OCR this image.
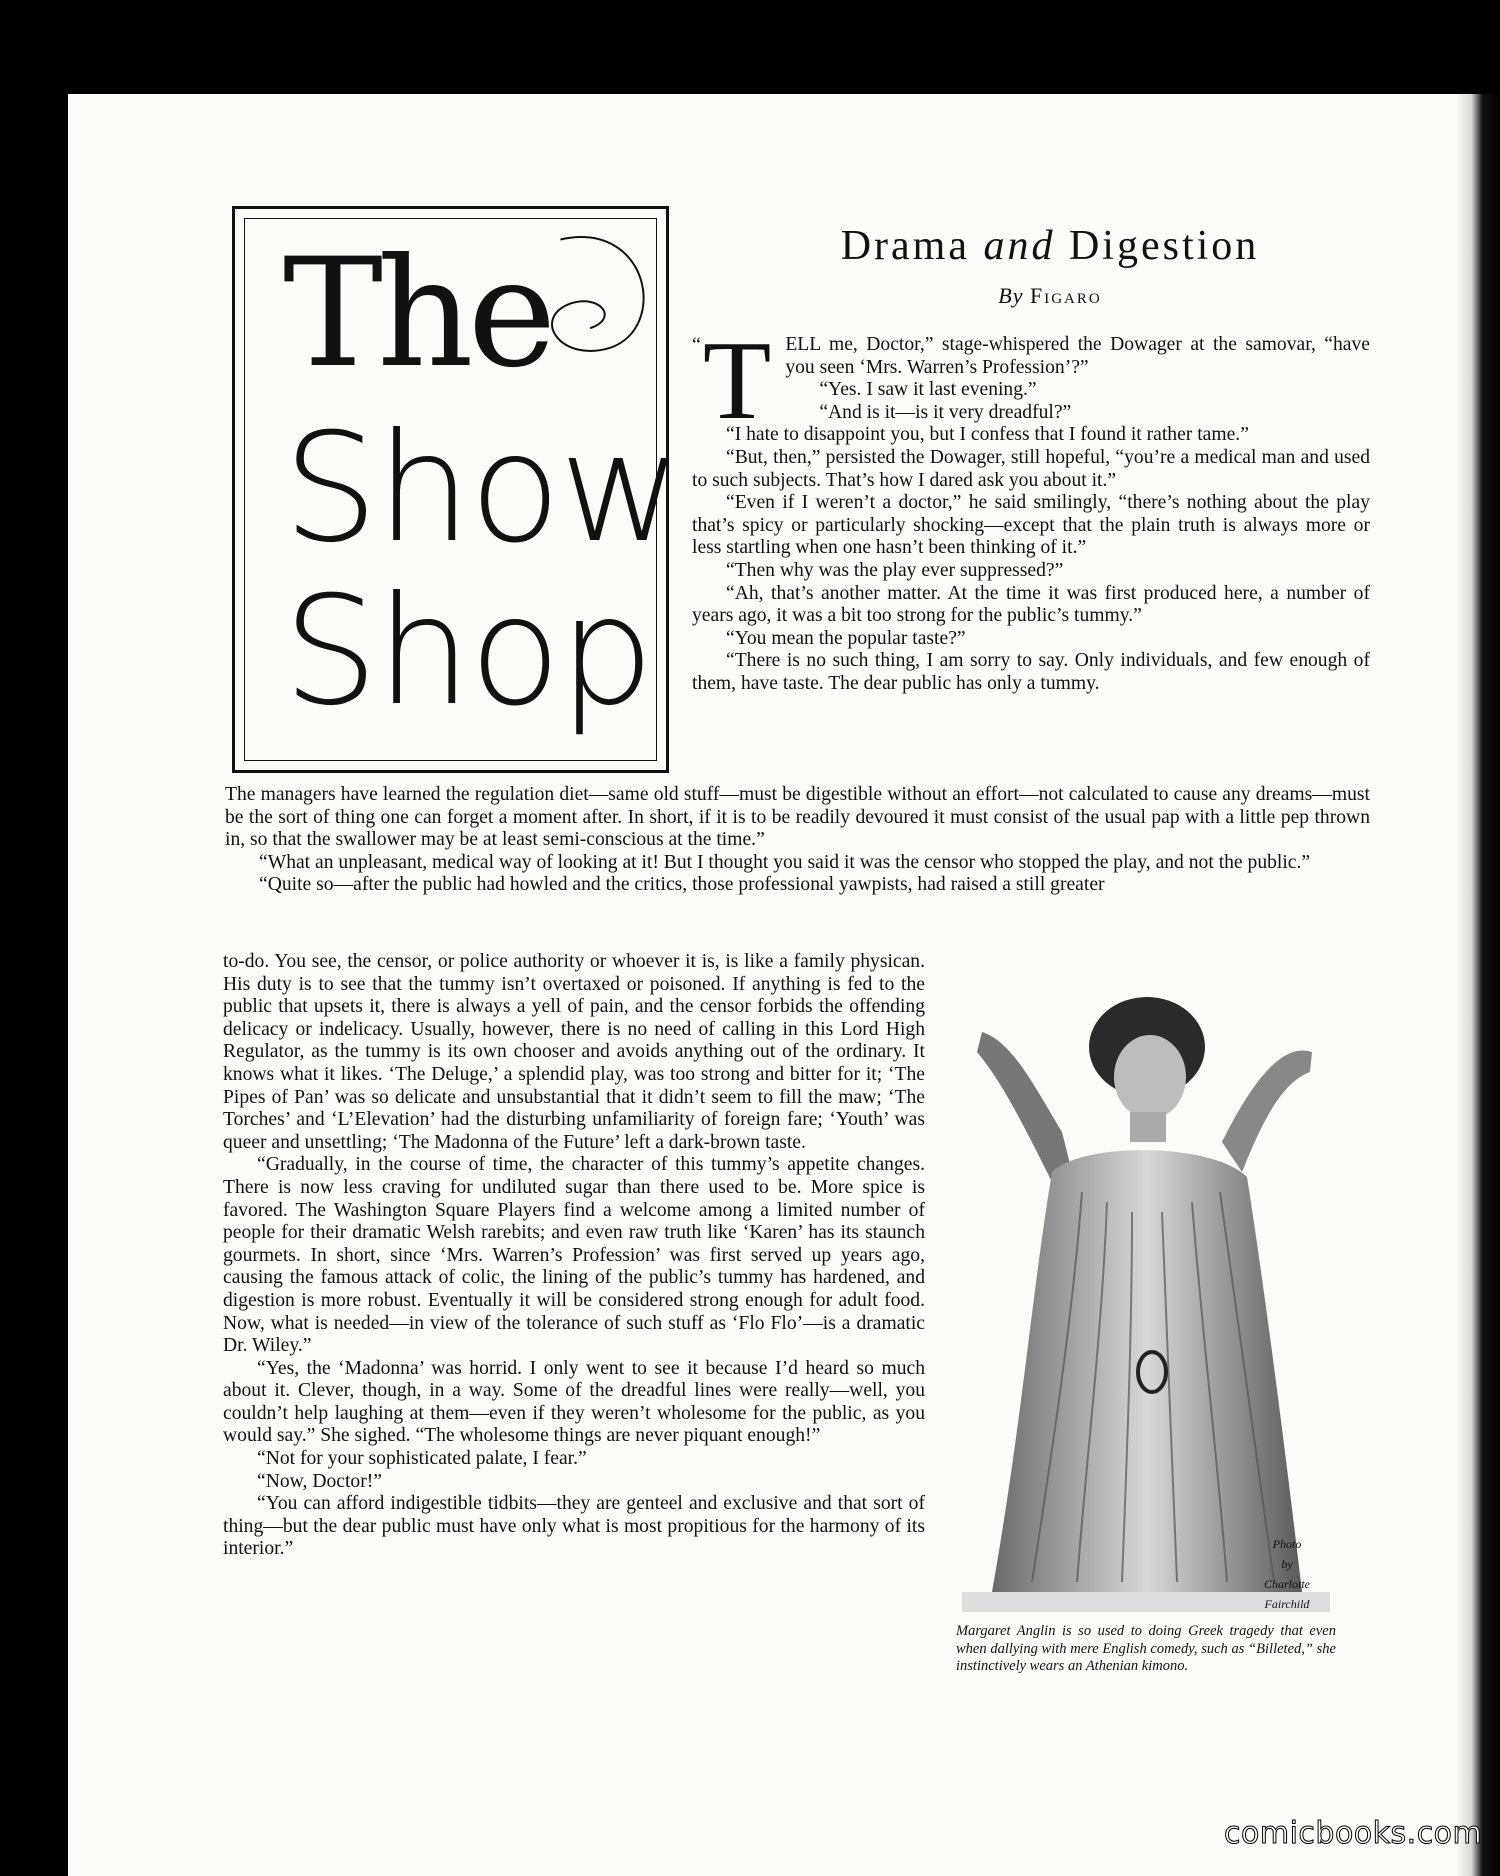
The
Show
Shop
Drama and Digestion
By Figaro
“ T ELL me, Doctor,” stage-whispered the Dowager at the samovar, “have you seen ‘Mrs. Warren’s Profession’?”

“Yes. I saw it last evening.”

“And is it—is it very dreadful?”

“I hate to disappoint you, but I confess that I found it rather tame.”

“But, then,” persisted the Dowager, still hopeful, “you’re a medical man and used to such subjects. That’s how I dared ask you about it.”

“Even if I weren’t a doctor,” he said smilingly, “there’s nothing about the play that’s spicy or particularly shocking—except that the plain truth is always more or less startling when one hasn’t been thinking of it.”

“Then why was the play ever suppressed?”

“Ah, that’s another matter. At the time it was first produced here, a number of years ago, it was a bit too strong for the public’s tummy.”

“You mean the popular taste?”

“There is no such thing, I am sorry to say. Only individuals, and few enough of them, have taste. The dear public has only a tummy.

The managers have learned the regulation diet—same old stuff—must be digestible without an effort—not calculated to cause any dreams—must be the sort of thing one can forget a moment after. In short, if it is to be readily devoured it must consist of the usual pap with a little pep thrown in, so that the swallower may be at least semi-conscious at the time.”

“What an unpleasant, medical way of looking at it! But I thought you said it was the censor who stopped the play, and not the public.”

“Quite so—after the public had howled and the critics, those professional yawpists, had raised a still greater

to-do. You see, the censor, or police authority or whoever it is, is like a family physican. His duty is to see that the tummy isn’t overtaxed or poisoned. If anything is fed to the public that upsets it, there is always a yell of pain, and the censor forbids the offending delicacy or indelicacy. Usually, however, there is no need of calling in this Lord High Regulator, as the tummy is its own chooser and avoids anything out of the ordinary. It knows what it likes. ‘The Deluge,’ a splendid play, was too strong and bitter for it; ‘The Pipes of Pan’ was so delicate and unsubstantial that it didn’t seem to fill the maw; ‘The Torches’ and ‘L’Elevation’ had the disturbing unfamiliarity of foreign fare; ‘Youth’ was queer and unsettling; ‘The Madonna of the Future’ left a dark-brown taste.

“Gradually, in the course of time, the character of this tummy’s appetite changes. There is now less craving for undiluted sugar than there used to be. More spice is favored. The Washington Square Players find a welcome among a limited number of people for their dramatic Welsh rarebits; and even raw truth like ‘Karen’ has its staunch gourmets. In short, since ‘Mrs. Warren’s Profession’ was first served up years ago, causing the famous attack of colic, the lining of the public’s tummy has hardened, and digestion is more robust. Eventually it will be considered strong enough for adult food. Now, what is needed—in view of the tolerance of such stuff as ‘Flo Flo’—is a dramatic Dr. Wiley.”

“Yes, the ‘Madonna’ was horrid. I only went to see it because I’d heard so much about it. Clever, though, in a way. Some of the dreadful lines were really—well, you couldn’t help laughing at them—even if they weren’t wholesome for the public, as you would say.” She sighed. “The wholesome things are never piquant enough!”

“Not for your sophisticated palate, I fear.”

“Now, Doctor!”

“You can afford indigestible tidbits—they are genteel and exclusive and that sort of thing—but the dear public must have only what is most propitious for the harmony of its interior.”	Photo
by
Charlotte
Fairchild
Margaret Anglin is so used to doing Greek tragedy that even when dallying with mere English comedy, such as “Billeted,” she instinctively wears an Athenian kimono.
comicbooks.com
